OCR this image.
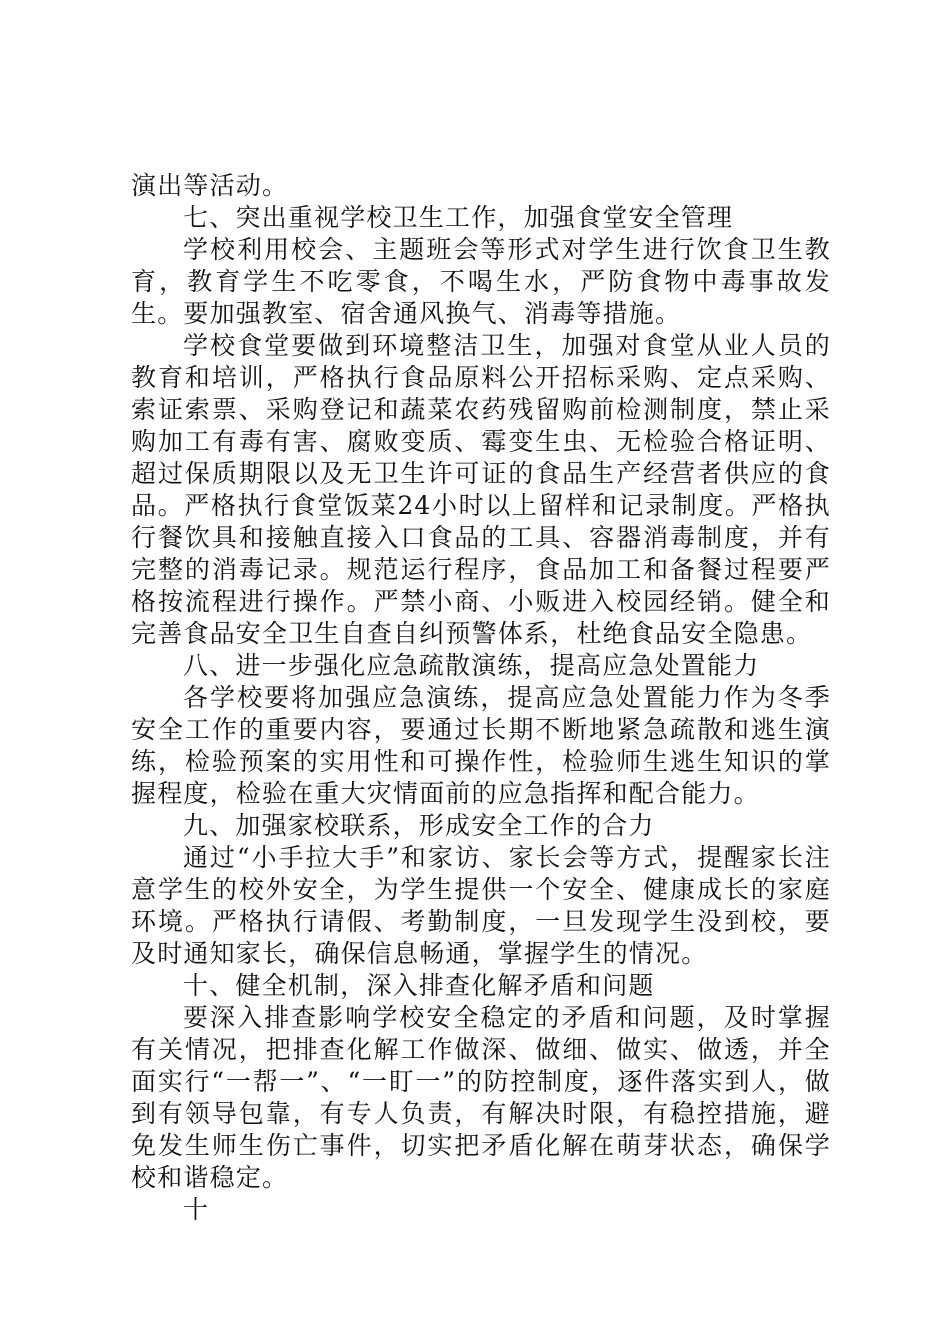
演出等活动。

七、突出重视学校卫生工作，加强食堂安全管理

学校利用校会、主题班会等形式对学生进行饮食卫生教育，教育学生不吃零食，不喝生水，严防食物中毒事故发生。要加强教室、宿舍通风换气、消毒等措施。

学校食堂要做到环境整洁卫生，加强对食堂从业人员的教育和培训，严格执行食品原料公开招标采购、定点采购、索证索票、采购登记和蔬菜农药残留购前检测制度，禁止采购加工有毒有害、腐败变质、霉变生虫、无检验合格证明、超过保质期限以及无卫生许可证的食品生产经营者供应的食品。严格执行食堂饭菜24小时以上留样和记录制度。严格执行餐饮具和接触直接入口食品的工具、容器消毒制度，并有完整的消毒记录。规范运行程序，食品加工和备餐过程要严格按流程进行操作。严禁小商、小贩进入校园经销。健全和完善食品安全卫生自查自纠预警体系，杜绝食品安全隐患。

八、进一步强化应急疏散演练，提高应急处置能力

各学校要将加强应急演练，提高应急处置能力作为冬季安全工作的重要内容，要通过长期不断地紧急疏散和逃生演练，检验预案的实用性和可操作性，检验师生逃生知识的掌握程度，检验在重大灾情面前的应急指挥和配合能力。

九、加强家校联系，形成安全工作的合力

通过“小手拉大手”和家访、家长会等方式，提醒家长注意学生的校外安全，为学生提供一个安全、健康成长的家庭环境。严格执行请假、考勤制度，一旦发现学生没到校，要及时通知家长，确保信息畅通，掌握学生的情况。

十、健全机制，深入排查化解矛盾和问题

要深入排查影响学校安全稳定的矛盾和问题，及时掌握有关情况，把排查化解工作做深、做细、做实、做透，并全面实行“一帮一”、“一盯一”的防控制度，逐件落实到人，做到有领导包靠，有专人负责，有解决时限，有稳控措施，避免发生师生伤亡事件，切实把矛盾化解在萌芽状态，确保学校和谐稳定。

十
